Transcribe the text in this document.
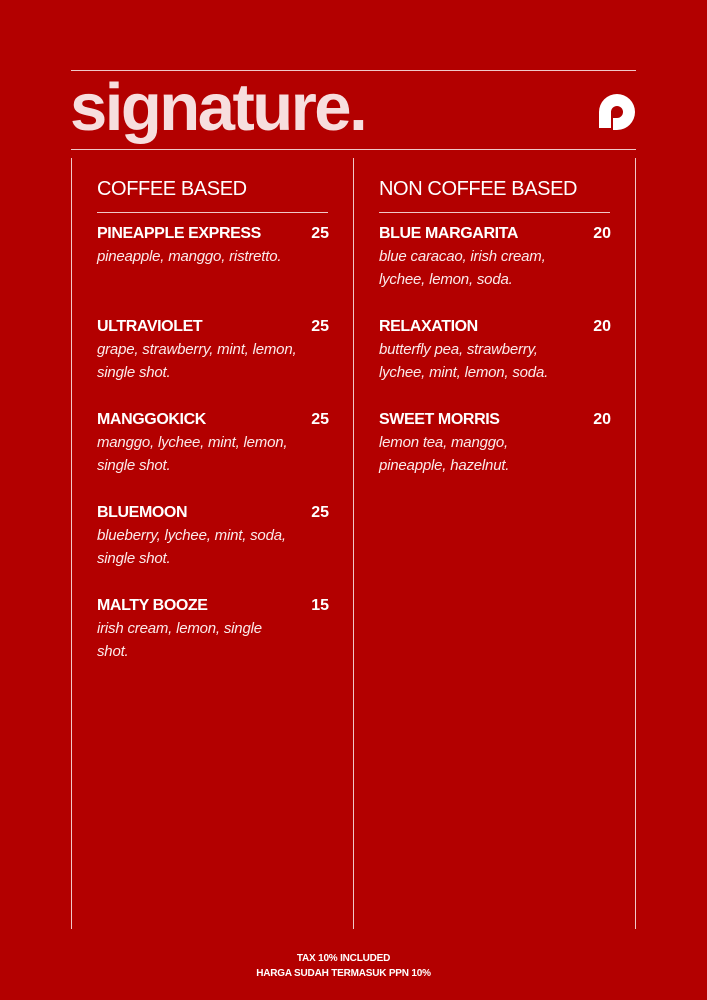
signature.
COFFEE BASED
PINEAPPLE EXPRESS	25
pineapple, manggo, ristretto.
ULTRAVIOLET	25
grape, strawberry, mint, lemon, single shot.
MANGGOKICK	25
manggo, lychee, mint, lemon, single shot.
BLUEMOON	25
blueberry, lychee, mint, soda, single shot.
MALTY BOOZE	15
irish cream, lemon, single shot.
NON COFFEE BASED
BLUE MARGARITA	20
blue caracao, irish cream, lychee, lemon, soda.
RELAXATION	20
butterfly pea, strawberry, lychee, mint, lemon, soda.
SWEET MORRIS	20
lemon tea, manggo, pineapple, hazelnut.
TAX 10% INCLUDED
HARGA SUDAH TERMASUK PPN 10%
